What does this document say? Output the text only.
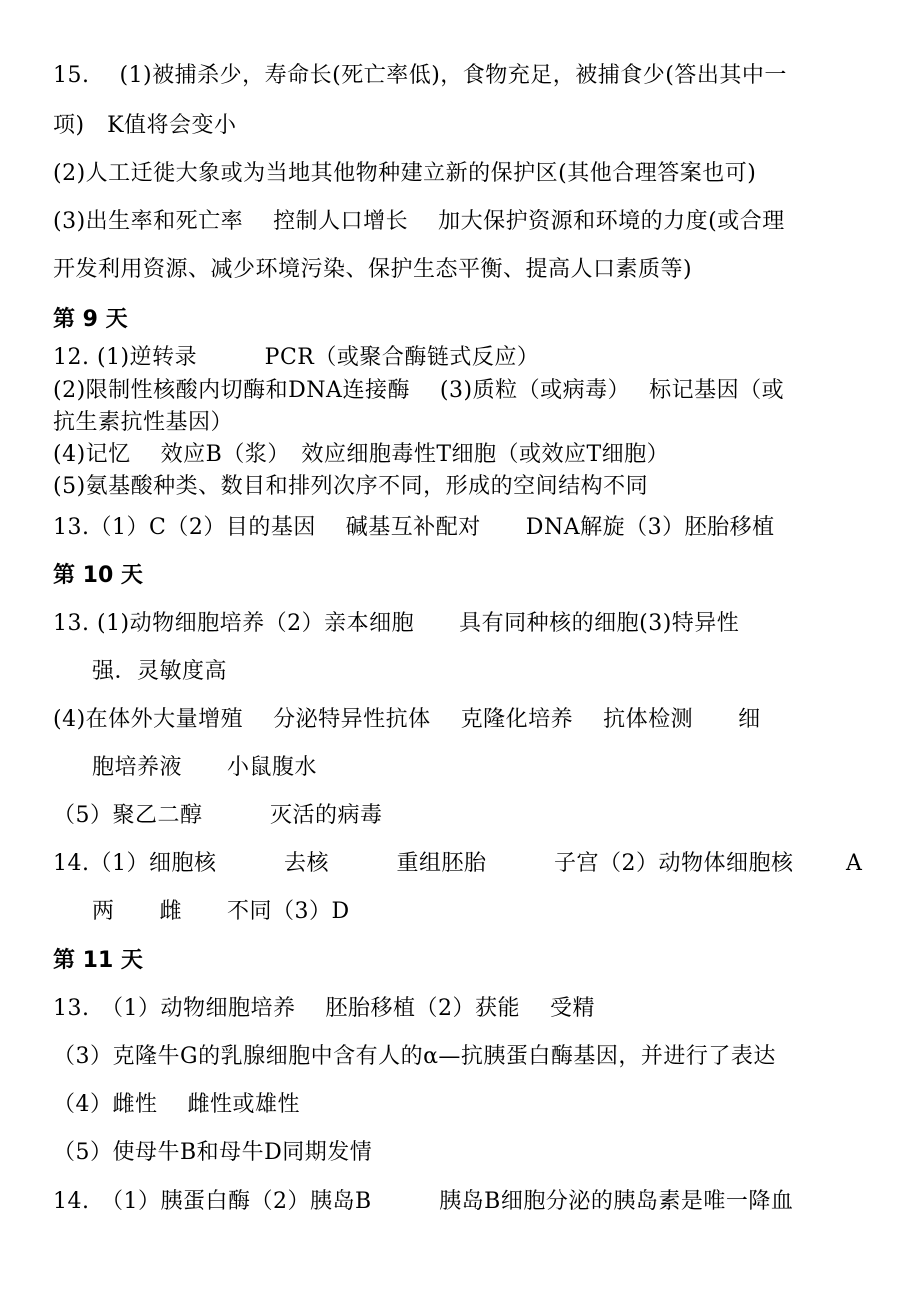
15.　 (1)被捕杀少，寿命长(死亡率低)，食物充足，被捕食少(答出其中一
项)　K值将会变小
(2)人工迁徙大象或为当地其他物种建立新的保护区(其他合理答案也可)
(3)出生率和死亡率　 控制人口增长　 加大保护资源和环境的力度(或合理
开发利用资源、减少环境污染、保护生态平衡、提高人口素质等)
第 9 天
12. (1)逆转录　　　PCR（或聚合酶链式反应）
(2)限制性核酸内切酶和DNA连接酶　 (3)质粒（或病毒）　 标记基因（或
抗生素抗性基因）
(4)记忆　 效应B（浆）　效应细胞毒性T细胞（或效应T细胞）
(5)氨基酸种类、数目和排列次序不同，形成的空间结构不同
13.（1）C（2）目的基因　 碱基互补配对　　DNA解旋（3）胚胎移植
第 10 天
13. (1)动物细胞培养（2）亲本细胞　　具有同种核的细胞(3)特异性
强．灵敏度高
(4)在体外大量增殖　 分泌特异性抗体　 克隆化培养　 抗体检测　　细
胞培养液　　小鼠腹水
（5）聚乙二醇　　　灭活的病毒
14.（1）细胞核　　　去核　　　重组胚胎　　　子宫（2）动物体细胞核　　 A
两　　雌　　不同（3）D
第 11 天
13.　（1）动物细胞培养　 胚胎移植（2）获能　 受精
（3）克隆牛G的乳腺细胞中含有人的α—抗胰蛋白酶基因，并进行了表达
（4）雌性　 雌性或雄性
（5）使母牛B和母牛D同期发情
14.　（1）胰蛋白酶（2）胰岛B　　　胰岛B细胞分泌的胰岛素是唯一降血
